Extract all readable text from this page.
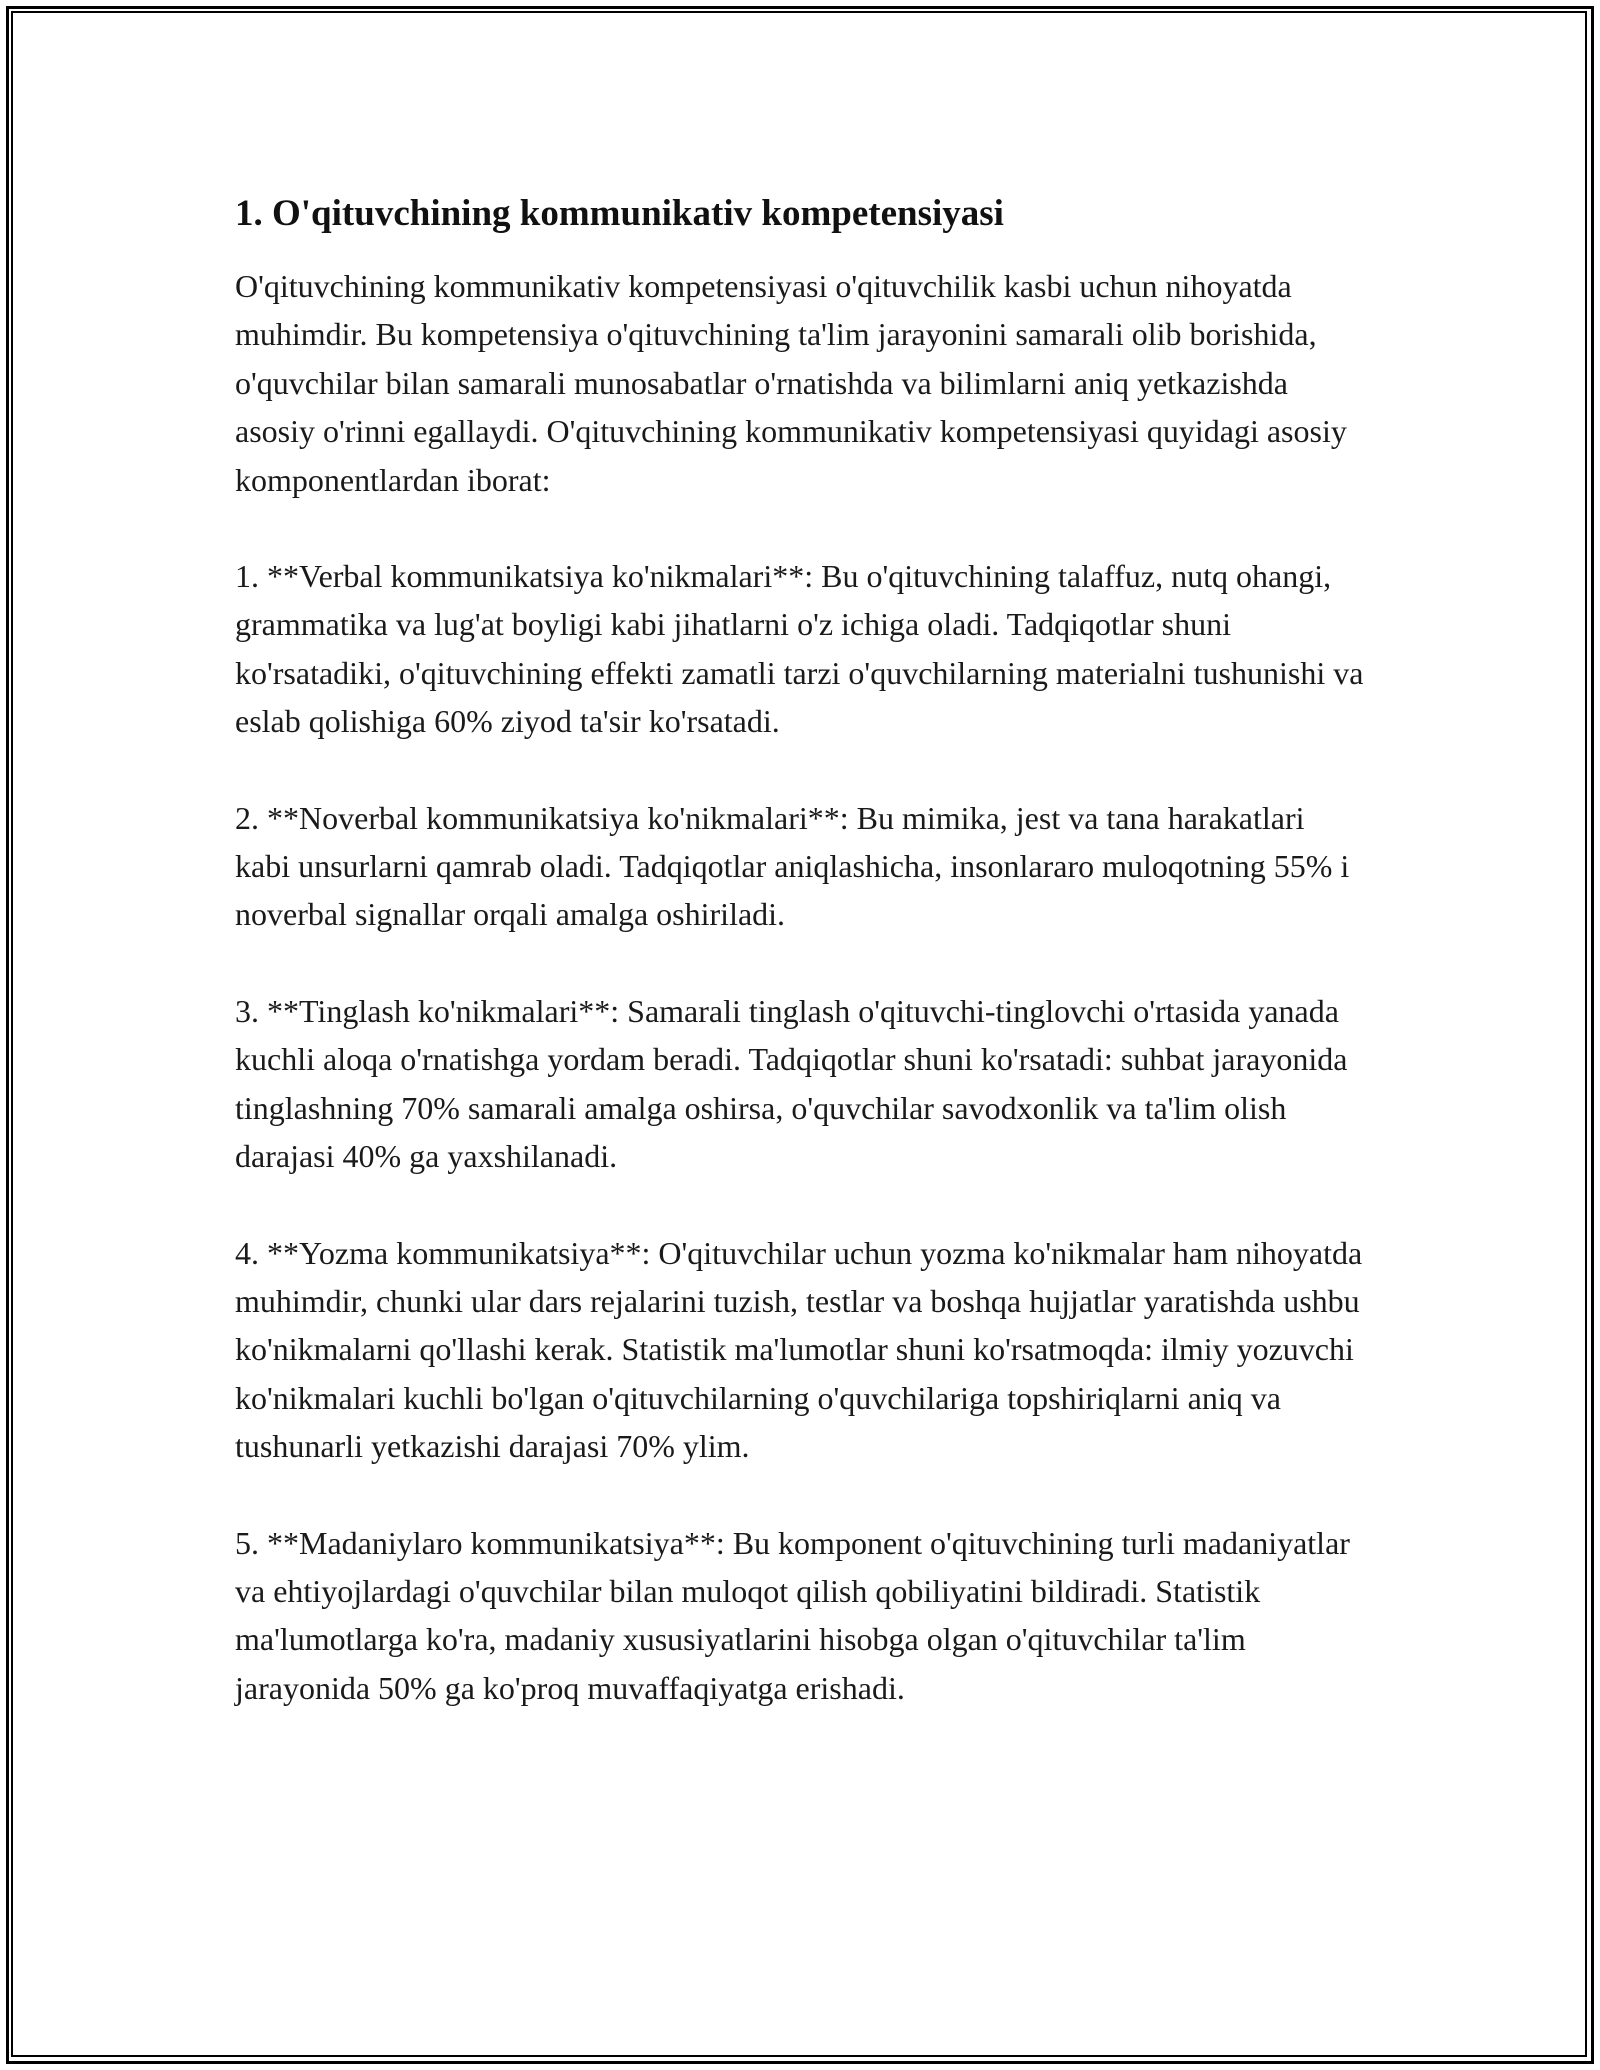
1. O'qituvchining kommunikativ kompetensiyasi

O'qituvchining kommunikativ kompetensiyasi o'qituvchilik kasbi uchun nihoyatda muhimdir. Bu kompetensiya o'qituvchining ta'lim jarayonini samarali olib borishida, o'quvchilar bilan samarali munosabatlar o'rnatishda va bilimlarni aniq yetkazishda asosiy o'rinni egallaydi. O'qituvchining kommunikativ kompetensiyasi quyidagi asosiy komponentlardan iborat:

1. **Verbal kommunikatsiya ko'nikmalari**: Bu o'qituvchining talaffuz, nutq ohangi, grammatika va lug'at boyligi kabi jihatlarni o'z ichiga oladi. Tadqiqotlar shuni ko'rsatadiki, o'qituvchining effekti zamatli tarzi o'quvchilarning materialni tushunishi va eslab qolishiga 60% ziyod ta'sir ko'rsatadi.

2. **Noverbal kommunikatsiya ko'nikmalari**: Bu mimika, jest va tana harakatlari kabi unsurlarni qamrab oladi. Tadqiqotlar aniqlashicha, insonlararo muloqotning 55% i noverbal signallar orqali amalga oshiriladi.

3. **Tinglash ko'nikmalari**: Samarali tinglash o'qituvchi-tinglovchi o'rtasida yanada kuchli aloqa o'rnatishga yordam beradi. Tadqiqotlar shuni ko'rsatadi: suhbat jarayonida tinglashning 70% samarali amalga oshirsa, o'quvchilar savodxonlik va ta'lim olish darajasi 40% ga yaxshilanadi.

4. **Yozma kommunikatsiya**: O'qituvchilar uchun yozma ko'nikmalar ham nihoyatda muhimdir, chunki ular dars rejalarini tuzish, testlar va boshqa hujjatlar yaratishda ushbu ko'nikmalarni qo'llashi kerak. Statistik ma'lumotlar shuni ko'rsatmoqda: ilmiy yozuvchi ko'nikmalari kuchli bo'lgan o'qituvchilarning o'quvchilariga topshiriqlarni aniq va tushunarli yetkazishi darajasi 70% ylim.

5. **Madaniylaro kommunikatsiya**: Bu komponent o'qituvchining turli madaniyatlar va ehtiyojlardagi o'quvchilar bilan muloqot qilish qobiliyatini bildiradi. Statistik ma'lumotlarga ko'ra, madaniy xususiyatlarini hisobga olgan o'qituvchilar ta'lim jarayonida 50% ga ko'proq muvaffaqiyatga erishadi.
